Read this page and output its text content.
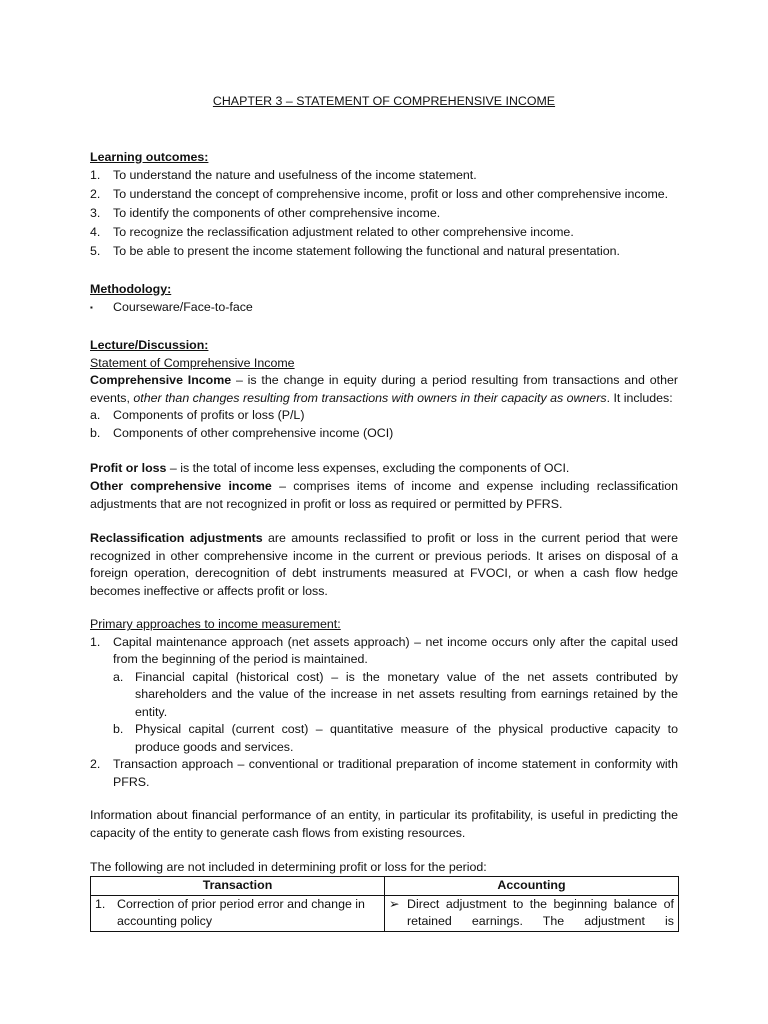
CHAPTER 3 – STATEMENT OF COMPREHENSIVE INCOME
Learning outcomes:
1.	To understand the nature and usefulness of the income statement.
2.	To understand the concept of comprehensive income, profit or loss and other comprehensive income.
3.	To identify the components of other comprehensive income.
4.	To recognize the reclassification adjustment related to other comprehensive income.
5.	To be able to present the income statement following the functional and natural presentation.
Methodology:
▪	Courseware/Face-to-face
Lecture/Discussion:
Statement of Comprehensive Income
Comprehensive Income – is the change in equity during a period resulting from transactions and other events, other than changes resulting from transactions with owners in their capacity as owners. It includes:
a.	Components of profits or loss (P/L)
b.	Components of other comprehensive income (OCI)
Profit or loss – is the total of income less expenses, excluding the components of OCI.
Other comprehensive income – comprises items of income and expense including reclassification adjustments that are not recognized in profit or loss as required or permitted by PFRS.
Reclassification adjustments are amounts reclassified to profit or loss in the current period that were recognized in other comprehensive income in the current or previous periods. It arises on disposal of a foreign operation, derecognition of debt instruments measured at FVOCI, or when a cash flow hedge becomes ineffective or affects profit or loss.
Primary approaches to income measurement:
1.	Capital maintenance approach (net assets approach) – net income occurs only after the capital used from the beginning of the period is maintained.
a. Financial capital (historical cost) – is the monetary value of the net assets contributed by shareholders and the value of the increase in net assets resulting from earnings retained by the entity.
b. Physical capital (current cost) – quantitative measure of the physical productive capacity to produce goods and services.
2.	Transaction approach – conventional or traditional preparation of income statement in conformity with PFRS.
Information about financial performance of an entity, in particular its profitability, is useful in predicting the capacity of the entity to generate cash flows from existing resources.
The following are not included in determining profit or loss for the period:
Transaction	Accounting

1. Correction of prior period error and change in accounting policy	➢ Direct adjustment to the beginning balance of retained earnings. The adjustment is
